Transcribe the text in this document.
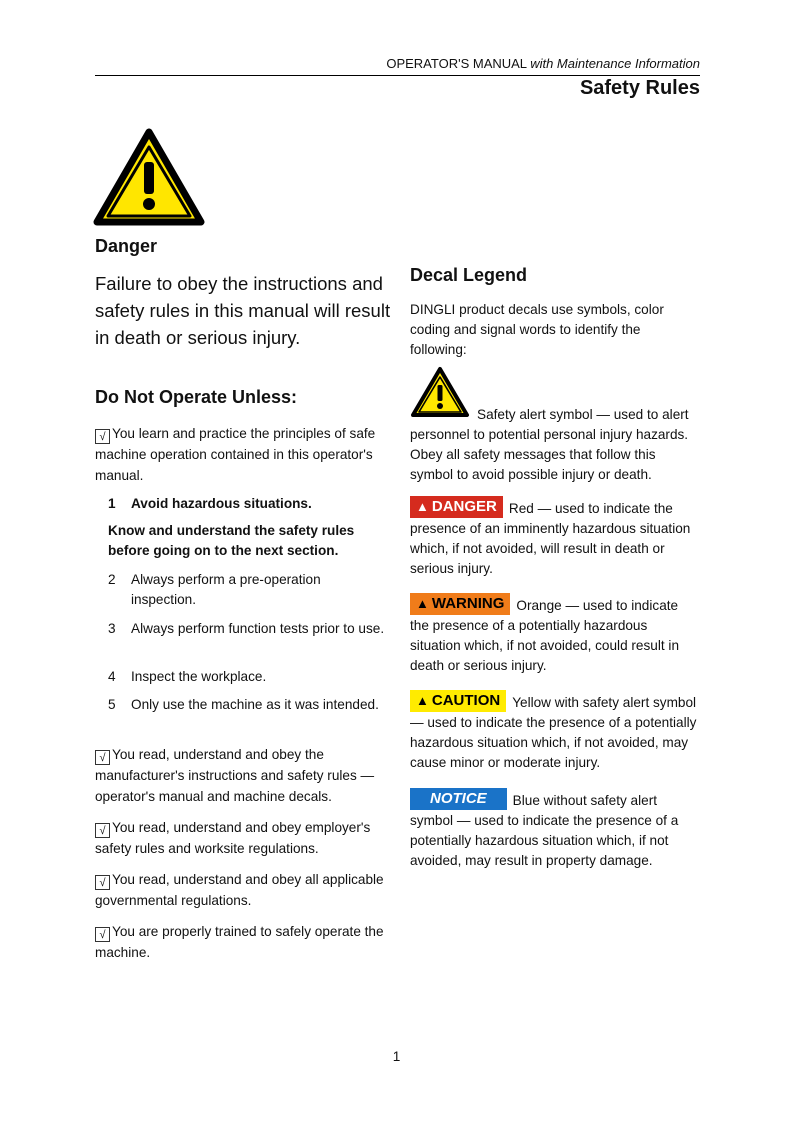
OPERATOR'S MANUAL with Maintenance Information
Safety Rules
Danger
Failure to obey the instructions and safety rules in this manual will result in death or serious injury.
Do Not Operate Unless:
√ You learn and practice the principles of safe machine operation contained in this operator's manual.
1	Avoid hazardous situations.
Know and understand the safety rules before going on to the next section.
2	Always perform a pre-operation inspection.
3	Always perform function tests prior to use.
4	Inspect the workplace.
5	Only use the machine as it was intended.
√ You read, understand and obey the manufacturer's instructions and safety rules — operator's manual and machine decals.
√ You read, understand and obey employer's safety rules and worksite regulations.
√ You read, understand and obey all applicable governmental regulations.
√ You are properly trained to safely operate the machine.
Decal Legend
DINGLI product decals use symbols, color coding and signal words to identify the following:
Safety alert symbol — used to alert personnel to potential personal injury hazards. Obey all safety messages that follow this symbol to avoid possible injury or death.
▲ DANGER Red — used to indicate the presence of an imminently hazardous situation which, if not avoided, will result in death or serious injury.
▲ WARNING Orange — used to indicate the presence of a potentially hazardous situation which, if not avoided, could result in death or serious injury.
▲ CAUTION Yellow with safety alert symbol — used to indicate the presence of a potentially hazardous situation which, if not avoided, may cause minor or moderate injury.
NOTICE Blue without safety alert symbol — used to indicate the presence of a potentially hazardous situation which, if not avoided, may result in property damage.
1
